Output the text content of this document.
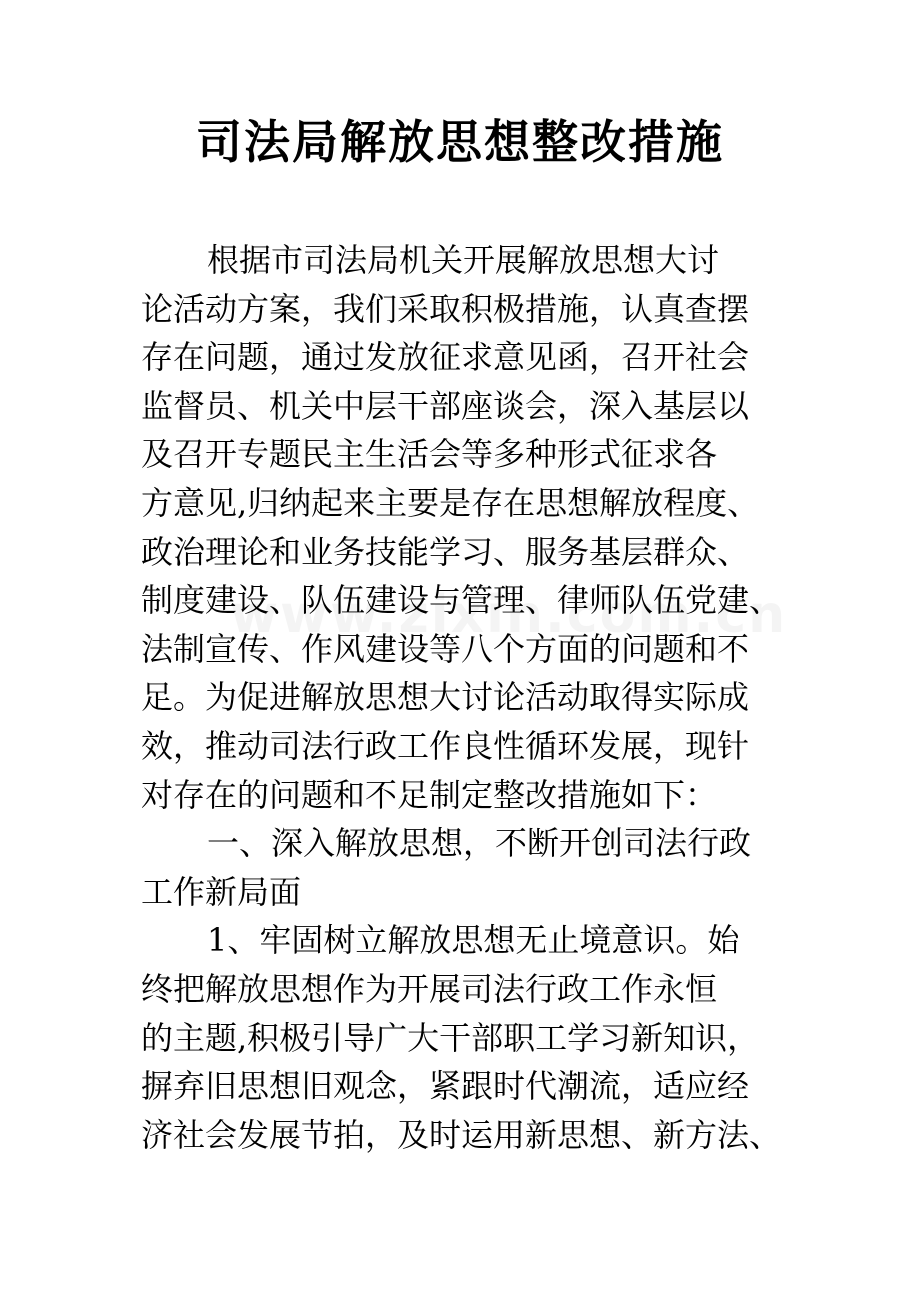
司法局解放思想整改措施
根据市司法局机关开展解放思想大讨
论活动方案，我们采取积极措施，认真查摆
存在问题，通过发放征求意见函，召开社会
监督员、机关中层干部座谈会，深入基层以
及召开专题民主生活会等多种形式征求各
方意见,归纳起来主要是存在思想解放程度、
政治理论和业务技能学习、服务基层群众、
制度建设、队伍建设与管理、律师队伍党建、
法制宣传、作风建设等八个方面的问题和不
足。为促进解放思想大讨论活动取得实际成
效，推动司法行政工作良性循环发展，现针
对存在的问题和不足制定整改措施如下：
一、深入解放思想，不断开创司法行政
工作新局面
1、牢固树立解放思想无止境意识。始
终把解放思想作为开展司法行政工作永恒
的主题,积极引导广大干部职工学习新知识，
摒弃旧思想旧观念，紧跟时代潮流，适应经
济社会发展节拍，及时运用新思想、新方法、
